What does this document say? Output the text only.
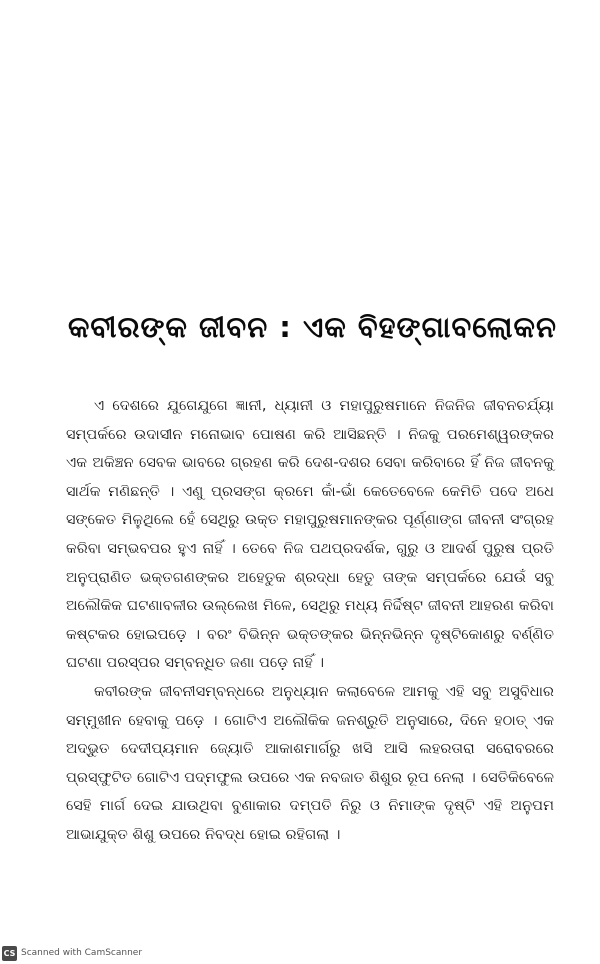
କବୀରଙ୍କ ଜୀବନ : ଏକ ବିହଙ୍ଗାବଲୋକନ

ଏ ଦେଶରେ ଯୁଗେଯୁଗେ ଜ୍ଞାନୀ, ଧ୍ୟାନୀ ଓ ମହାପୁରୁଷମାନେ ନିଜନିଜ ଜୀବନଚର୍ଯ୍ୟା ସମ୍ପର୍କରେ ଉଦାସୀନ ମନୋଭାବ ପୋଷଣ କରି ଆସିଛନ୍ତି । ନିଜକୁ ପରମେଶ୍ୱରଙ୍କର ଏକ ଅକିଞ୍ଚନ ସେବକ ଭାବରେ ଗ୍ରହଣ କରି ଦେଶ-ଦଶର ସେବା କରିବାରେ ହିଁ ନିଜ ଜୀବନକୁ ସାର୍ଥକ ମଣିଛନ୍ତି । ଏଣୁ ପ୍ରସଙ୍ଗ କ୍ରମେ କାଁ-ଭାଁ କେତେବେଳେ କେମିତି ପଦେ ଅଧେ ସଙ୍କେତ ମିଳୁଥିଲେ ହେଁ ସେଥିରୁ ଉକ୍ତ ମହାପୁରୁଷମାନଙ୍କର ପୂର୍ଣ୍ଣାଙ୍ଗ ଜୀବନୀ ସଂଗ୍ରହ କରିବା ସମ୍ଭବପର ହୁଏ ନାହିଁ । ତେବେ ନିଜ ପଥପ୍ରଦର୍ଶକ, ଗୁରୁ ଓ ଆଦର୍ଶ ପୁରୁଷ ପ୍ରତି ଅନୁପ୍ରାଣିତ ଭକ୍ତଗଣଙ୍କର ଅହେତୁକ ଶ୍ରଦ୍ଧା ହେତୁ ତାଙ୍କ ସମ୍ପର୍କରେ ଯେଉଁ ସବୁ ଅଲୌକିକ ଘଟଣାବଳୀର ଉଲ୍ଲେଖ ମିଳେ, ସେଥିରୁ ମଧ୍ୟ ନିର୍ଦ୍ଦିଷ୍ଟ ଜୀବନୀ ଆହରଣ କରିବା କଷ୍ଟକର ହୋଇପଡ଼େ । ବରଂ ବିଭିନ୍ନ ଭକ୍ତଙ୍କର ଭିନ୍ନଭିନ୍ନ ଦୃଷ୍ଟିକୋଣରୁ ବର୍ଣ୍ଣିତ ଘଟଣା ପରସ୍ପର ସମ୍ବନ୍ଧିତ ଜଣା ପଡ଼େ ନାହିଁ ।

କବୀରଙ୍କ ଜୀବନୀସମ୍ବନ୍ଧରେ ଅନୁଧ୍ୟାନ କଲାବେଳେ ଆମକୁ ଏହି ସବୁ ଅସୁବିଧାର ସମ୍ମୁଖୀନ ହେବାକୁ ପଡ଼େ । ଗୋଟିଏ ଅଲୌକିକ ଜନଶ୍ରୁତି ଅନୁସାରେ, ଦିନେ ହଠାତ୍ ଏକ ଅଦ୍ଭୁତ ଦେଦୀପ୍ୟମାନ ଜ୍ୟୋତି ଆକାଶମାର୍ଗରୁ ଖସି ଆସି ଲହରତାରା ସରୋବରରେ ପ୍ରସ୍ଫୁଟିତ ଗୋଟିଏ ପଦ୍ମଫୁଲ ଉପରେ ଏକ ନବଜାତ ଶିଶୁର ରୂପ ନେଲା । ସେତିକିବେଳେ ସେହି ମାର୍ଗ ଦେଇ ଯାଉଥିବା ବୁଣାକାର ଦମ୍ପତି ନିରୁ ଓ ନିମାଙ୍କ ଦୃଷ୍ଟି ଏହି ଅନୁପମ ଆଭାଯୁକ୍ତ ଶିଶୁ ଉପରେ ନିବଦ୍ଧ ହୋଇ ରହିଗଲା ।

CS Scanned with CamScanner
